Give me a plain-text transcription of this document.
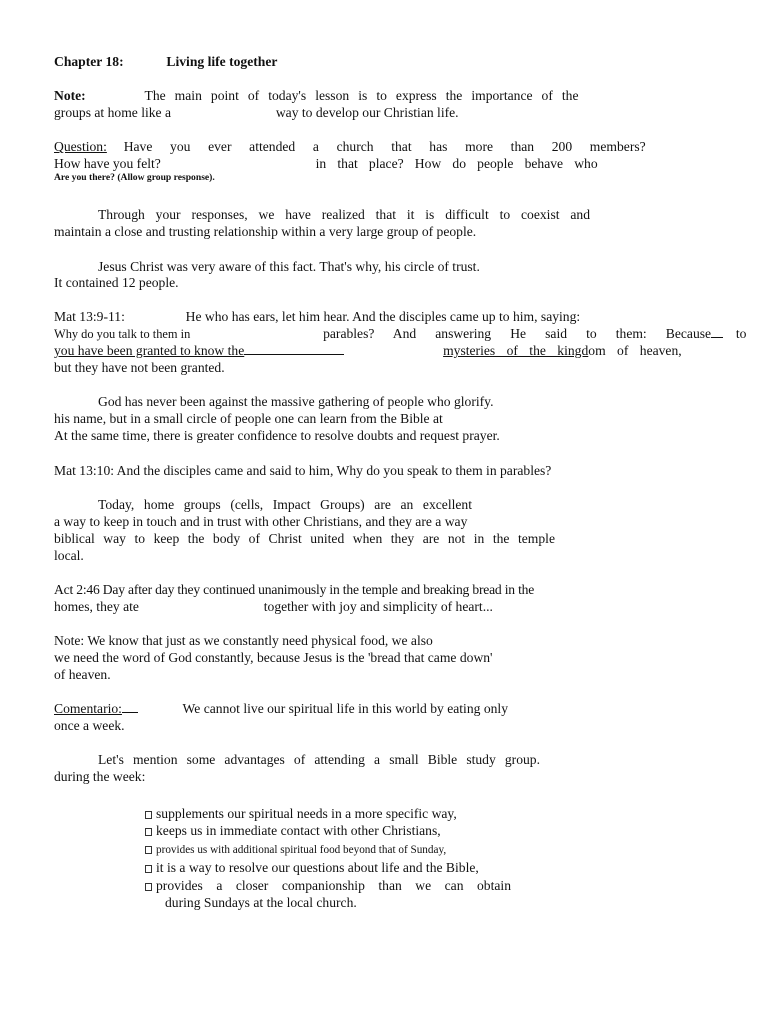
Chapter 18:	Living life together
Note:	The main point of today's lesson is to express the importance of the
groups at home like a	way to develop our Christian life.
Question: Have you ever attended a church that has more than 200 members?
How have you felt?	in that place? How do people behave who
Are you there? (Allow group response).
Through your responses, we have realized that it is difficult to coexist and
maintain a close and trusting relationship within a very large group of people.
Jesus Christ was very aware of this fact. That's why, his circle of trust.
It contained 12 people.
Mat 13:9-11:	He who has ears, let him hear. And the disciples came up to him, saying:
Why do you talk to them in	parables? And answering He said to them: Because to
you have been granted to know the	mysteries of the kingdom of heaven,
but they have not been granted.
God has never been against the massive gathering of people who glorify.
his name, but in a small circle of people one can learn from the Bible at
At the same time, there is greater confidence to resolve doubts and request prayer.
Mat 13:10: And the disciples came and said to him, Why do you speak to them in parables?
Today, home groups (cells, Impact Groups) are an excellent
a way to keep in touch and in trust with other Christians, and they are a way
biblical way to keep the body of Christ united when they are not in the temple
local.
Act 2:46 Day after day they continued unanimously in the temple and breaking bread in the
homes, they ate	together with joy and simplicity of heart...
Note: We know that just as we constantly need physical food, we also
we need the word of God constantly, because Jesus is the 'bread that came down'
of heaven.
Comentario:	We cannot live our spiritual life in this world by eating only
once a week.
Let's mention some advantages of attending a small Bible study group.
during the week:
supplements our spiritual needs in a more specific way,
keeps us in immediate contact with other Christians,
provides us with additional spiritual food beyond that of Sunday,
it is a way to resolve our questions about life and the Bible,
provides a closer companionship than we can obtain
during Sundays at the local church.
